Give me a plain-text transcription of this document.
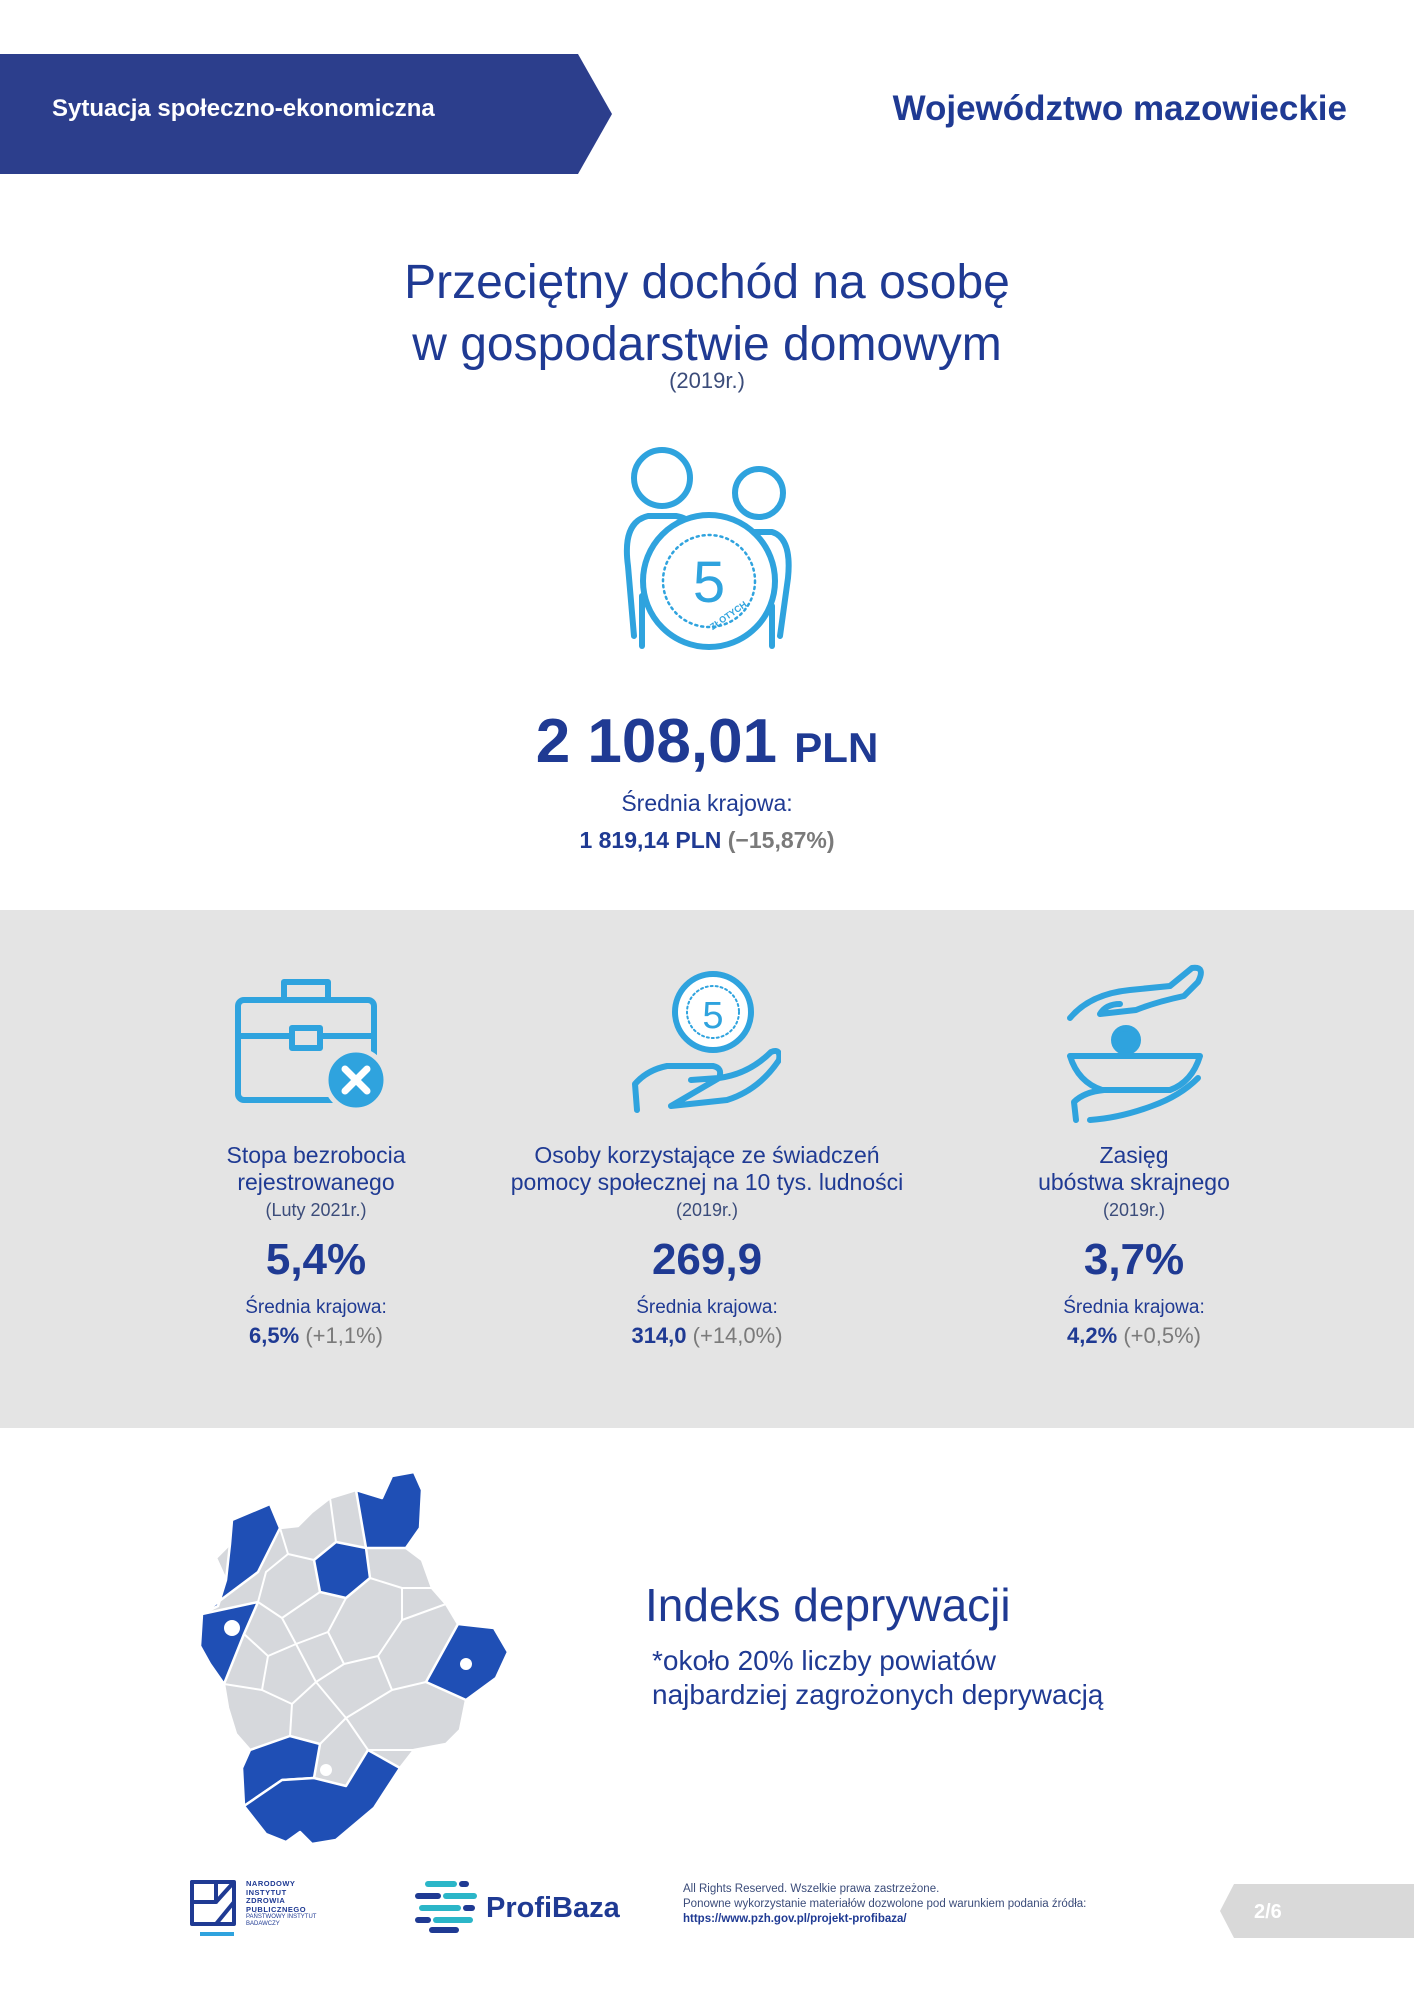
Sytuacja społeczno-ekonomiczna	Województwo mazowieckie
Przeciętny dochód na osobę
w gospodarstwie domowym
(2019r.)
5
ZŁOTYCH
2 108,01 PLN
Średnia krajowa:
1 819,14 PLN (−15,87%)
Stopa bezrobocia
rejestrowanego
(Luty 2021r.)
5,4%
Średnia krajowa:
6,5% (+1,1%)
5
Osoby korzystające ze świadczeń
pomocy społecznej na 10 tys. ludności
(2019r.)
269,9
Średnia krajowa:
314,0 (+14,0%)
Zasięg
ubóstwa skrajnego
(2019r.)
3,7%
Średnia krajowa:
4,2% (+0,5%)
Indeks deprywacji
*około 20% liczby powiatów
najbardziej zagrożonych deprywacją
NARODOWY
INSTYTUT
ZDROWIA
PUBLICZNEGO
PAŃSTWOWY INSTYTUT
BADAWCZY	ProfiBaza
All Rights Reserved. Wszelkie prawa zastrzeżone.
Ponowne wykorzystanie materiałów dozwolone pod warunkiem podania źródła:
https://www.pzh.gov.pl/projekt-profibaza/	2/6
